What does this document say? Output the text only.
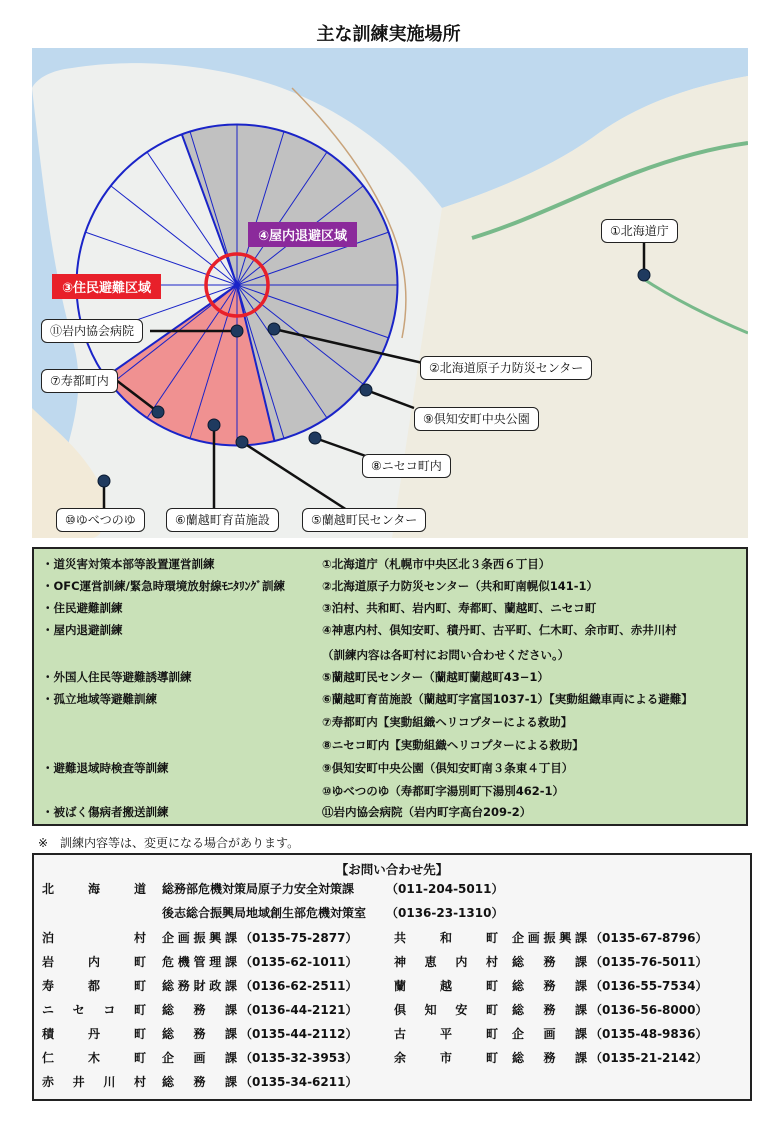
主な訓練実施場所
④屋内退避区域
③住民避難区域
①北海道庁
②北海道原子力防災センター
⑪岩内協会病院
⑦寿都町内
⑨倶知安町中央公園
⑧ニセコ町内
⑩ゆべつのゆ	⑥蘭越町育苗施設	⑤蘭越町民センター
・道災害対策本部等設置運営訓練	①北海道庁（札幌市中央区北３条西６丁目）
・OFC運営訓練/緊急時環境放射線ﾓﾆﾀﾘﾝｸﾞ訓練	②北海道原子力防災センター（共和町南幌似141-1）
・住民避難訓練	③泊村、共和町、岩内町、寿都町、蘭越町、ニセコ町
・屋内退避訓練	④神恵内村、倶知安町、積丹町、古平町、仁木町、余市町、赤井川村
（訓練内容は各町村にお問い合わせください。）
・外国人住民等避難誘導訓練	⑤蘭越町民センター（蘭越町蘭越町43−1）
・孤立地域等避難訓練	⑥蘭越町育苗施設（蘭越町字富国1037-1）【実動組織車両による避難】
⑦寿都町内【実動組織ヘリコプターによる救助】
⑧ニセコ町内【実動組織ヘリコプターによる救助】
・避難退域時検査等訓練	⑨倶知安町中央公園（倶知安町南３条東４丁目）
⑩ゆべつのゆ（寿都町字湯別町下湯別462-1）
・被ばく傷病者搬送訓練	⑪岩内協会病院（岩内町字高台209-2）
※　訓練内容等は、変更になる場合があります。
【お問い合わせ先】
北海道 総務部危機対策局原子力安全対策課	（011-204-5011）
後志総合振興局地域創生部危機対策室 （0136-23-1310）
泊村 企画振興課 （0135-75-2877）	共和町 企画振興課 （0135-67-8796）
岩内町 危機管理課 （0135-62-1011）	神恵内村 総務課 （0135-76-5011）
寿都町 総務財政課 （0136-62-2511）	蘭越町 総務課 （0136-55-7534）
ニセコ町 総務課 （0136-44-2121）	倶知安町 総務課 （0136-56-8000）
積丹町 総務課 （0135-44-2112）	古平町 企画課 （0135-48-9836）
仁木町 企画課 （0135-32-3953）	余市町 総務課 （0135-21-2142）
赤井川村 総務課 （0135-34-6211）
